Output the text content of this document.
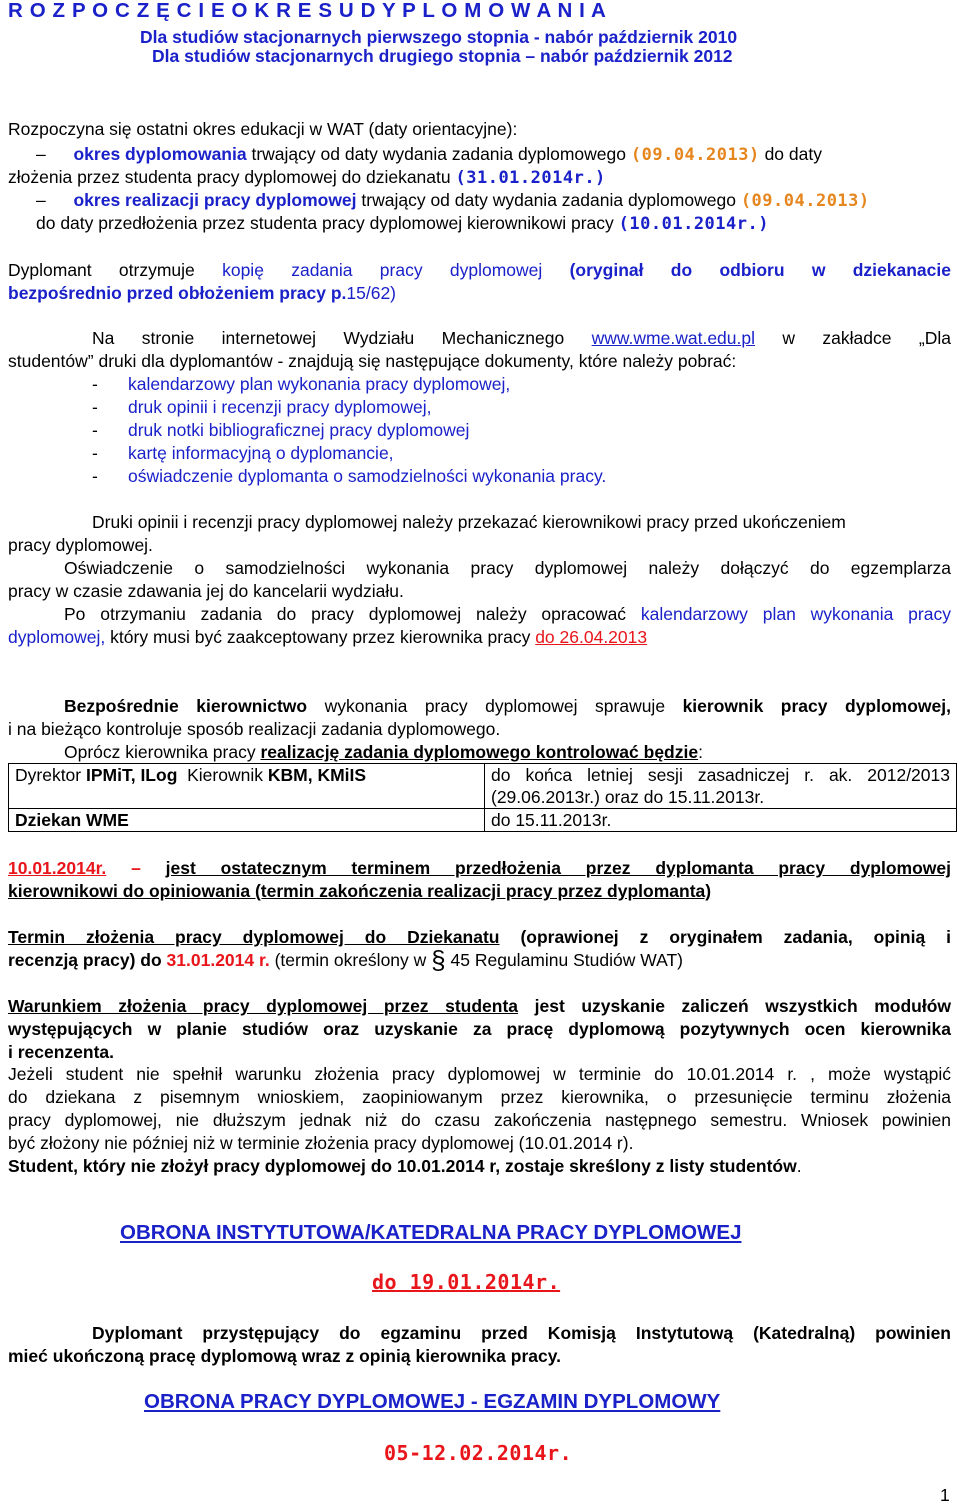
R O Z P O C Z Ę C I E O K R E S U D Y P L O M O W A N I A
Dla studiów stacjonarnych pierwszego stopnia - nabór październik 2010
Dla studiów stacjonarnych drugiego stopnia – nabór październik 2012
Rozpoczyna się ostatni okres edukacji w WAT (daty orientacyjne):
– okres dyplomowania trwający od daty wydania zadania dyplomowego (09.04.2013) do daty
złożenia przez studenta pracy dyplomowej do dziekanatu (31.01.2014r.)
– okres realizacji pracy dyplomowej trwający od daty wydania zadania dyplomowego (09.04.2013)
do daty przedłożenia przez studenta pracy dyplomowej kierownikowi pracy (10.01.2014r.)
Dyplomant otrzymuje kopię zadania pracy dyplomowej (oryginał do odbioru w dziekanacie
bezpośrednio przed obłożeniem pracy p.15/62)
Na stronie internetowej Wydziału Mechanicznego www.wme.wat.edu.pl w zakładce „Dla
studentów” druki dla dyplomantów - znajdują się następujące dokumenty, które należy pobrać:
- kalendarzowy plan wykonania pracy dyplomowej,
- druk opinii i recenzji pracy dyplomowej,
- druk notki bibliograficznej pracy dyplomowej
- kartę informacyjną o dyplomancie,
- oświadczenie dyplomanta o samodzielności wykonania pracy.
Druki opinii i recenzji pracy dyplomowej należy przekazać kierownikowi pracy przed ukończeniem
pracy dyplomowej.
Oświadczenie o samodzielności wykonania pracy dyplomowej należy dołączyć do egzemplarza
pracy w czasie zdawania jej do kancelarii wydziału.
Po otrzymaniu zadania do pracy dyplomowej należy opracować kalendarzowy plan wykonania pracy
dyplomowej, który musi być zaakceptowany przez kierownika pracy do 26.04.2013
Bezpośrednie kierownictwo wykonania pracy dyplomowej sprawuje kierownik pracy dyplomowej,
i na bieżąco kontroluje sposób realizacji zadania dyplomowego.
Oprócz kierownika pracy realizację zadania dyplomowego kontrolować będzie:
Dyrektor IPMiT, ILog Kierownik KBM, KMiIS	do końca letniej sesji zasadniczej r. ak. 2012/2013
(29.06.2013r.) oraz do 15.11.2013r.

Dziekan WME	do 15.11.2013r.
10.01.2014r. – jest ostatecznym terminem przedłożenia przez dyplomanta pracy dyplomowej
kierownikowi do opiniowania (termin zakończenia realizacji pracy przez dyplomanta)
Termin złożenia pracy dyplomowej do Dziekanatu (oprawionej z oryginałem zadania, opinią i
recenzją pracy) do 31.01.2014 r. (termin określony w § 45 Regulaminu Studiów WAT)
Warunkiem złożenia pracy dyplomowej przez studenta jest uzyskanie zaliczeń wszystkich modułów
występujących w planie studiów oraz uzyskanie za pracę dyplomową pozytywnych ocen kierownika
i recenzenta.
Jeżeli student nie spełnił warunku złożenia pracy dyplomowej w terminie do 10.01.2014 r. , może wystąpić
do dziekana z pisemnym wnioskiem, zaopiniowanym przez kierownika, o przesunięcie terminu złożenia
pracy dyplomowej, nie dłuższym jednak niż do czasu zakończenia następnego semestru. Wniosek powinien
być złożony nie później niż w terminie złożenia pracy dyplomowej (10.01.2014 r).
Student, który nie złożył pracy dyplomowej do 10.01.2014 r, zostaje skreślony z listy studentów.
OBRONA INSTYTUTOWA/KATEDRALNA PRACY DYPLOMOWEJ
do 19.01.2014r.
Dyplomant przystępujący do egzaminu przed Komisją Instytutową (Katedralną) powinien
mieć ukończoną pracę dyplomową wraz z opinią kierownika pracy.
OBRONA PRACY DYPLOMOWEJ - EGZAMIN DYPLOMOWY
05-12.02.2014r.
1
